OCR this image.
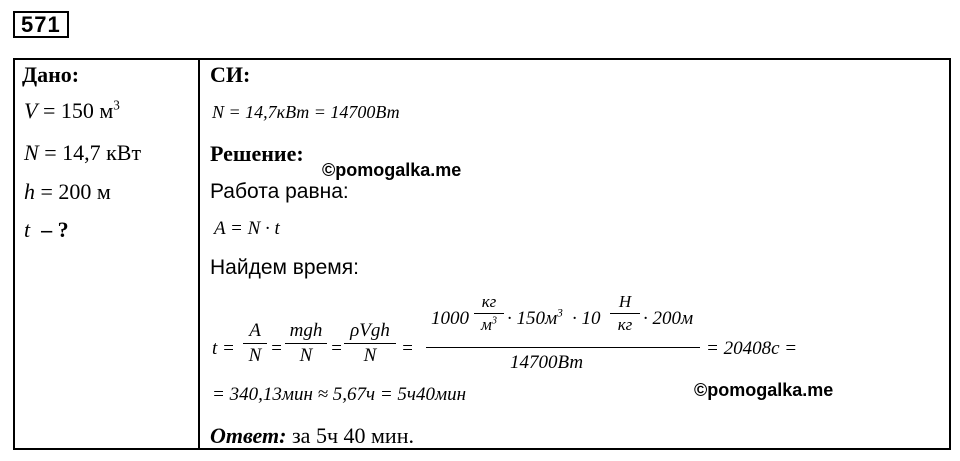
571
Дано:
V = 150 $м^3$
N = 14,7 кВт
h = 200 м
t – ?
СИ:
N = 14,7кВт = 14700Вт
Решение:
©pomogalka.me
Работа равна:
A = N · t
Найдем время:
t =
A
N =
mgh
N =
ρVgh
N	=
1000
кг
$м^3 \cdot 150м^3 \cdot 10$
Н
кг · 200м
14700Вт
= 20408с =
= 340,13мин ≈ 5,67ч = 5ч40мин	©pomogalka.me
Ответ: за 5ч 40 мин.
